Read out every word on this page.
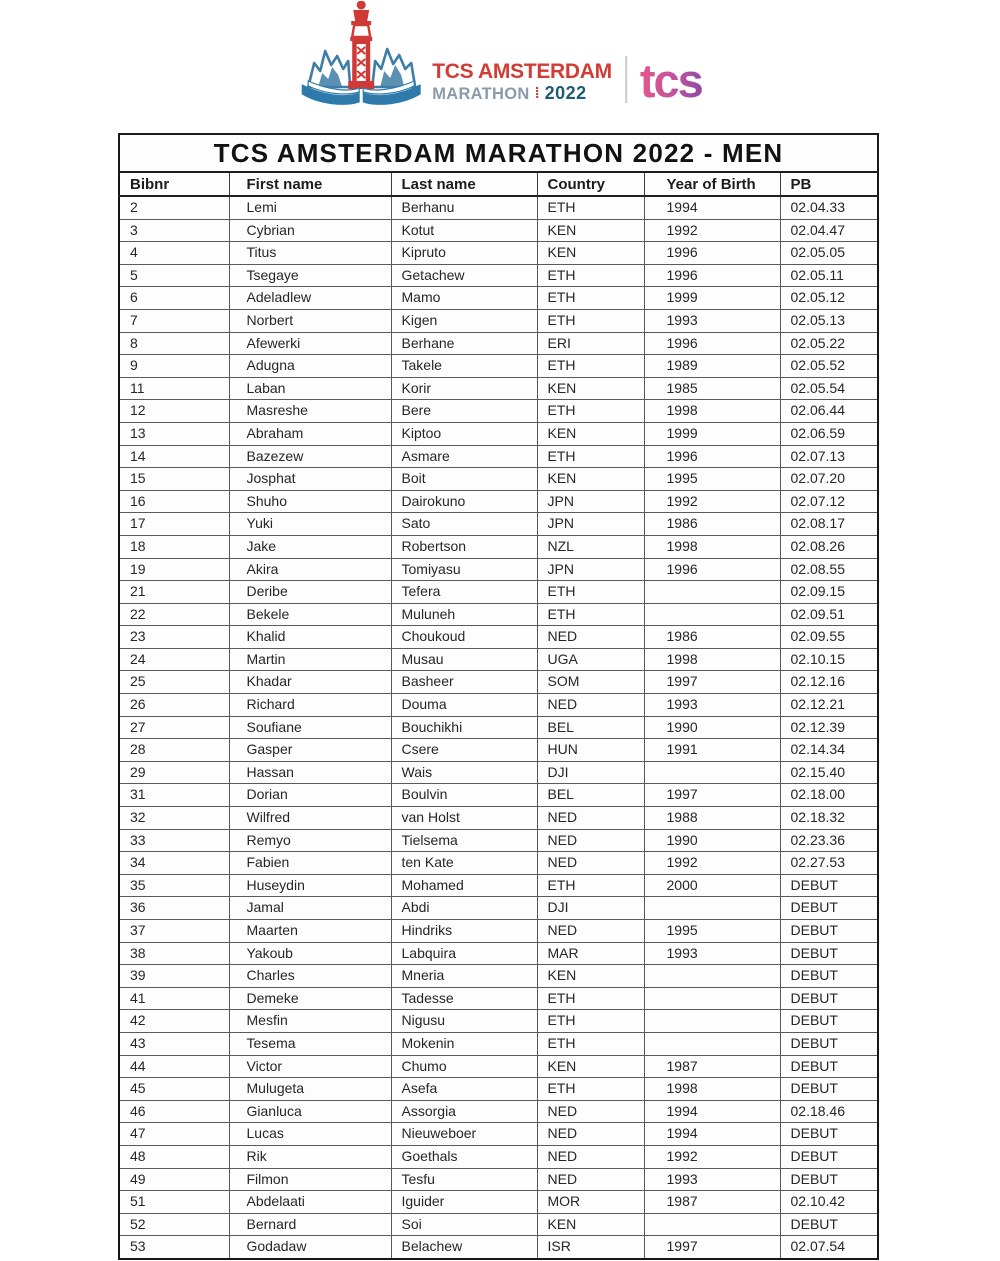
TCS AMSTERDAM
MARATHON ⁞ 2022 tcs
TCS AMSTERDAM MARATHON 2022 - MEN					
Bibnr	First name	Last name	Country	Year of Birth	PB
2	Lemi	Berhanu	ETH	1994	02.04.33
3	Cybrian	Kotut	KEN	1992	02.04.47
4	Titus	Kipruto	KEN	1996	02.05.05
5	Tsegaye	Getachew	ETH	1996	02.05.11
6	Adeladlew	Mamo	ETH	1999	02.05.12
7	Norbert	Kigen	ETH	1993	02.05.13
8	Afewerki	Berhane	ERI	1996	02.05.22
9	Adugna	Takele	ETH	1989	02.05.52
11	Laban	Korir	KEN	1985	02.05.54
12	Masreshe	Bere	ETH	1998	02.06.44
13	Abraham	Kiptoo	KEN	1999	02.06.59
14	Bazezew	Asmare	ETH	1996	02.07.13
15	Josphat	Boit	KEN	1995	02.07.20
16	Shuho	Dairokuno	JPN	1992	02.07.12
17	Yuki	Sato	JPN	1986	02.08.17
18	Jake	Robertson	NZL	1998	02.08.26
19	Akira	Tomiyasu	JPN	1996	02.08.55
21	Deribe	Tefera	ETH		02.09.15
22	Bekele	Muluneh	ETH		02.09.51
23	Khalid	Choukoud	NED	1986	02.09.55
24	Martin	Musau	UGA	1998	02.10.15
25	Khadar	Basheer	SOM	1997	02.12.16
26	Richard	Douma	NED	1993	02.12.21
27	Soufiane	Bouchikhi	BEL	1990	02.12.39
28	Gasper	Csere	HUN	1991	02.14.34
29	Hassan	Wais	DJI		02.15.40
31	Dorian	Boulvin	BEL	1997	02.18.00
32	Wilfred	van Holst	NED	1988	02.18.32
33	Remyo	Tielsema	NED	1990	02.23.36
34	Fabien	ten Kate	NED	1992	02.27.53
35	Huseydin	Mohamed	ETH	2000	DEBUT
36	Jamal	Abdi	DJI		DEBUT
37	Maarten	Hindriks	NED	1995	DEBUT
38	Yakoub	Labquira	MAR	1993	DEBUT
39	Charles	Mneria	KEN		DEBUT
41	Demeke	Tadesse	ETH		DEBUT
42	Mesfin	Nigusu	ETH		DEBUT
43	Tesema	Mokenin	ETH		DEBUT
44	Victor	Chumo	KEN	1987	DEBUT
45	Mulugeta	Asefa	ETH	1998	DEBUT
46	Gianluca	Assorgia	NED	1994	02.18.46
47	Lucas	Nieuweboer	NED	1994	DEBUT
48	Rik	Goethals	NED	1992	DEBUT
49	Filmon	Tesfu	NED	1993	DEBUT
51	Abdelaati	Iguider	MOR	1987	02.10.42
52	Bernard	Soi	KEN		DEBUT
53	Godadaw	Belachew	ISR	1997	02.07.54
